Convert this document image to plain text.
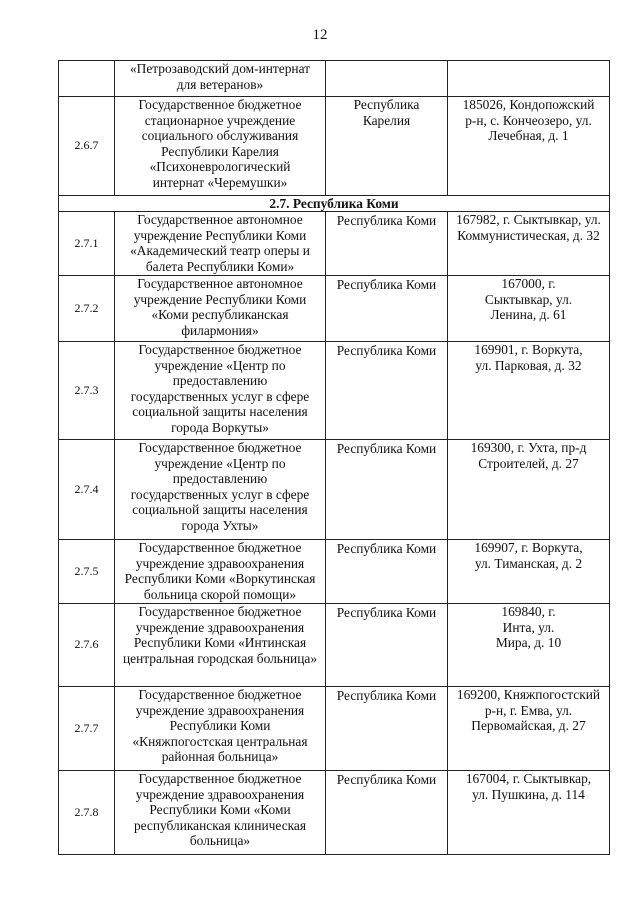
12
	«Петрозаводский дом-интернат для ветеранов»		
2.6.7	Государственное бюджетное стационарное учреждение социального обслуживания Республики Карелия «Психоневрологический интернат «Черемушки»	Республика Карелия	185026, Кондопожский р-н, с. Кончеозеро, ул. Лечебная, д. 1
2.7. Республика Коми			
2.7.1	Государственное автономное учреждение Республики Коми «Академический театр оперы и балета Республики Коми»	Республика Коми	167982, г. Сыктывкар, ул. Коммунистическая, д. 32
2.7.2	Государственное автономное учреждение Республики Коми «Коми республиканская филармония»	Республика Коми	167000, г. Сыктывкар, ул. Ленина, д. 61
2.7.3	Государственное бюджетное учреждение «Центр по предоставлению государственных услуг в сфере социальной защиты населения города Воркуты»	Республика Коми	169901, г. Воркута, ул. Парковая, д. 32
2.7.4	Государственное бюджетное учреждение «Центр по предоставлению государственных услуг в сфере социальной защиты населения города Ухты»	Республика Коми	169300, г. Ухта, пр-д Строителей, д. 27
2.7.5	Государственное бюджетное учреждение здравоохранения Республики Коми «Воркутинская больница скорой помощи»	Республика Коми	169907, г. Воркута, ул. Тиманская, д. 2
2.7.6	Государственное бюджетное учреждение здравоохранения Республики Коми «Интинская центральная городская больница»	Республика Коми	169840, г. Инта, ул. Мира, д. 10
2.7.7	Государственное бюджетное учреждение здравоохранения Республики Коми «Княжпогостская центральная районная больница»	Республика Коми	169200, Княжпогостский р-н, г. Емва, ул. Первомайская, д. 27
2.7.8	Государственное бюджетное учреждение здравоохранения Республики Коми «Коми республиканская клиническая больница»	Республика Коми	167004, г. Сыктывкар, ул. Пушкина, д. 114
